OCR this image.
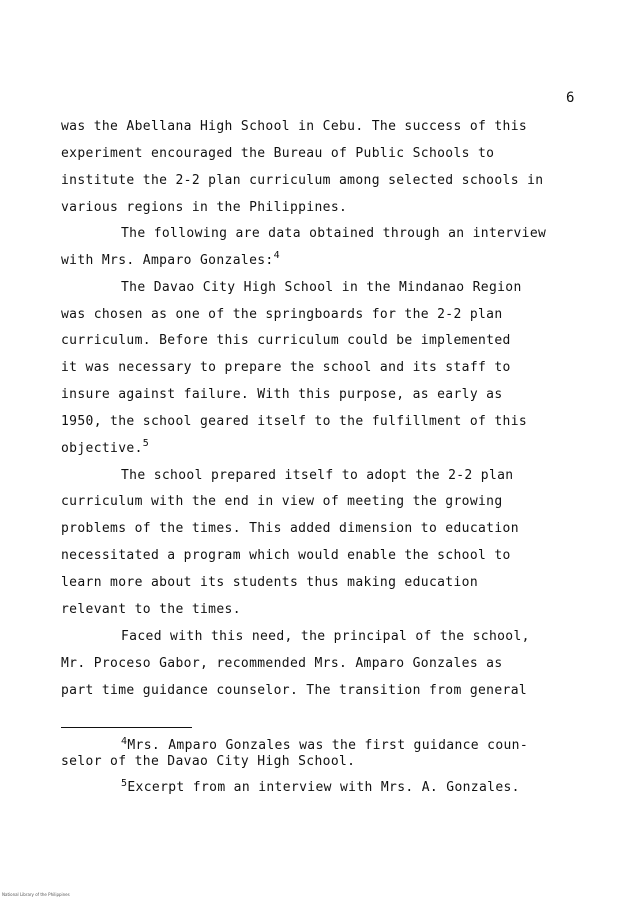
6
was the Abellana High School in Cebu. The success of this
experiment encouraged the Bureau of Public Schools to
institute the 2-2 plan curriculum among selected schools in
various regions in the Philippines.
The following are data obtained through an interview
with Mrs. Amparo Gonzales:$^4$
The Davao City High School in the Mindanao Region
was chosen as one of the springboards for the 2-2 plan
curriculum. Before this curriculum could be implemented
it was necessary to prepare the school and its staff to
insure against failure. With this purpose, as early as
1950, the school geared itself to the fulfillment of this
objective.$^5$
The school prepared itself to adopt the 2-2 plan
curriculum with the end in view of meeting the growing
problems of the times. This added dimension to education
necessitated a program which would enable the school to
learn more about its students thus making education
relevant to the times.
Faced with this need, the principal of the school,
Mr. Proceso Gabor, recommended Mrs. Amparo Gonzales as
part time guidance counselor. The transition from general
$^4$Mrs. Amparo Gonzales was the first guidance coun-
selor of the Davao City High School.
$^5$Excerpt from an interview with Mrs. A. Gonzales.
National Library of the Philippines
